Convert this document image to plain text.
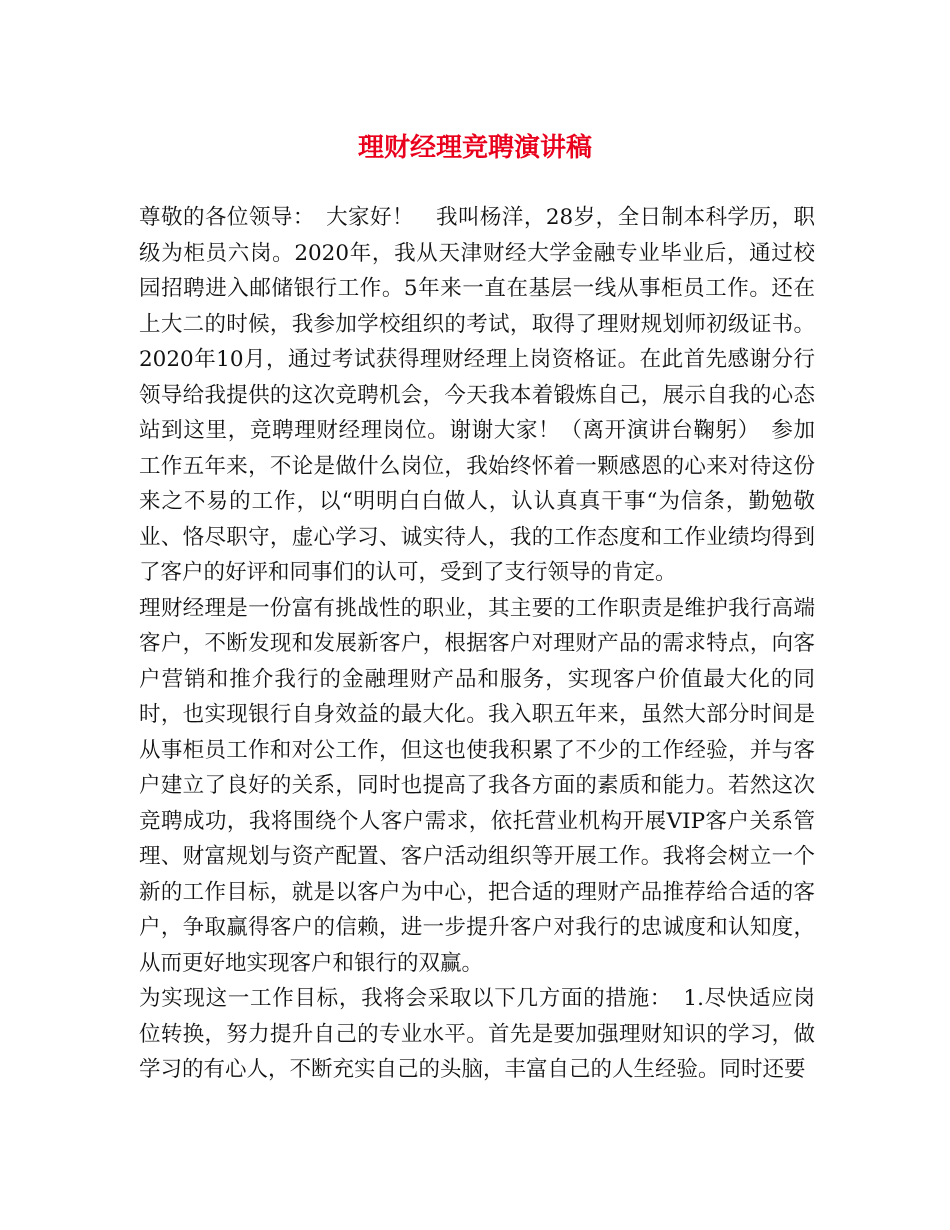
理财经理竞聘演讲稿

尊敬的各位领导：　大家好！　我叫杨洋，28岁，全日制本科学历，职级为柜员六岗。2020年，我从天津财经大学金融专业毕业后，通过校园招聘进入邮储银行工作。5年来一直在基层一线从事柜员工作。还在上大二的时候，我参加学校组织的考试，取得了理财规划师初级证书。2020年10月，通过考试获得理财经理上岗资格证。在此首先感谢分行领导给我提供的这次竞聘机会，今天我本着锻炼自己，展示自我的心态站到这里，竞聘理财经理岗位。谢谢大家！（离开演讲台鞠躬）　参加工作五年来，不论是做什么岗位，我始终怀着一颗感恩的心来对待这份来之不易的工作，以“明明白白做人，认认真真干事“为信条，勤勉敬业、恪尽职守，虚心学习、诚实待人，我的工作态度和工作业绩均得到了客户的好评和同事们的认可，受到了支行领导的肯定。

理财经理是一份富有挑战性的职业，其主要的工作职责是维护我行高端客户，不断发现和发展新客户，根据客户对理财产品的需求特点，向客户营销和推介我行的金融理财产品和服务，实现客户价值最大化的同时，也实现银行自身效益的最大化。我入职五年来，虽然大部分时间是从事柜员工作和对公工作，但这也使我积累了不少的工作经验，并与客户建立了良好的关系，同时也提高了我各方面的素质和能力。若然这次竞聘成功，我将围绕个人客户需求，依托营业机构开展VIP客户关系管理、财富规划与资产配置、客户活动组织等开展工作。我将会树立一个新的工作目标，就是以客户为中心，把合适的理财产品推荐给合适的客户，争取赢得客户的信赖，进一步提升客户对我行的忠诚度和认知度，从而更好地实现客户和银行的双赢。

为实现这一工作目标，我将会采取以下几方面的措施：　1.尽快适应岗位转换，努力提升自己的专业水平。首先是要加强理财知识的学习，做学习的有心人，不断充实自己的头脑，丰富自己的人生经验。同时还要
